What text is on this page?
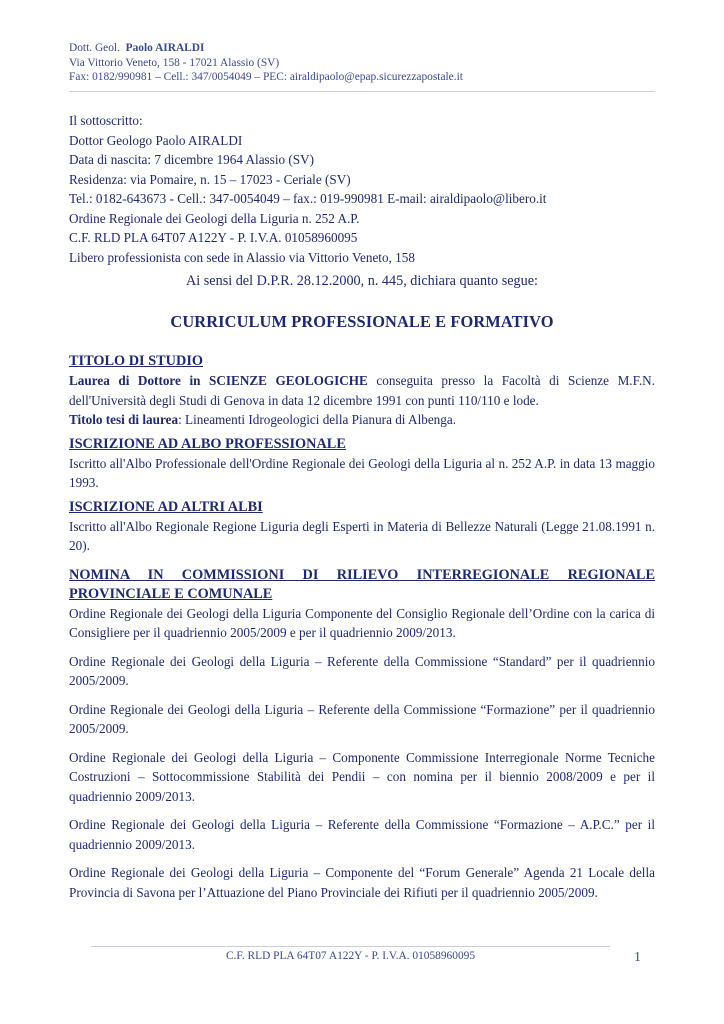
Dott. Geol. Paolo AIRALDI
Via Vittorio Veneto, 158 - 17021 Alassio (SV)
Fax: 0182/990981 – Cell.: 347/0054049 – PEC: airaldipaolo@epap.sicurezzapostale.it
Il sottoscritto:
Dottor Geologo Paolo AIRALDI
Data di nascita: 7 dicembre 1964 Alassio (SV)
Residenza: via Pomaire, n. 15 – 17023 - Ceriale (SV)
Tel.: 0182-643673 - Cell.: 347-0054049 – fax.: 019-990981 E-mail: airaldipaolo@libero.it
Ordine Regionale dei Geologi della Liguria n. 252 A.P.
C.F. RLD PLA 64T07 A122Y - P. I.V.A. 01058960095
Libero professionista con sede in Alassio via Vittorio Veneto, 158
Ai sensi del D.P.R. 28.12.2000, n. 445, dichiara quanto segue:
CURRICULUM PROFESSIONALE E FORMATIVO
TITOLO DI STUDIO

Laurea di Dottore in SCIENZE GEOLOGICHE conseguita presso la Facoltà di Scienze M.F.N. dell'Università degli Studi di Genova in data 12 dicembre 1991 con punti 110/110 e lode.

Titolo tesi di laurea: Lineamenti Idrogeologici della Pianura di Albenga.

ISCRIZIONE AD ALBO PROFESSIONALE

Iscritto all'Albo Professionale dell'Ordine Regionale dei Geologi della Liguria al n. 252 A.P. in data 13 maggio 1993.

ISCRIZIONE AD ALTRI ALBI

Iscritto all'Albo Regionale Regione Liguria degli Esperti in Materia di Bellezze Naturali (Legge 21.08.1991 n. 20).

NOMINA IN COMMISSIONI DI RILIEVO INTERREGIONALE REGIONALE PROVINCIALE E COMUNALE

Ordine Regionale dei Geologi della Liguria Componente del Consiglio Regionale dell’Ordine con la carica di Consigliere per il quadriennio 2005/2009 e per il quadriennio 2009/2013.

Ordine Regionale dei Geologi della Liguria – Referente della Commissione “Standard” per il quadriennio 2005/2009.

Ordine Regionale dei Geologi della Liguria – Referente della Commissione “Formazione” per il quadriennio 2005/2009.

Ordine Regionale dei Geologi della Liguria – Componente Commissione Interregionale Norme Tecniche Costruzioni – Sottocommissione Stabilità dei Pendii – con nomina per il biennio 2008/2009 e per il quadriennio 2009/2013.

Ordine Regionale dei Geologi della Liguria – Referente della Commissione “Formazione – A.P.C.” per il quadriennio 2009/2013.

Ordine Regionale dei Geologi della Liguria – Componente del “Forum Generale” Agenda 21 Locale della Provincia di Savona per l’Attuazione del Piano Provinciale dei Rifiuti per il quadriennio 2005/2009.

C.F. RLD PLA 64T07 A122Y - P. I.V.A. 01058960095	1
